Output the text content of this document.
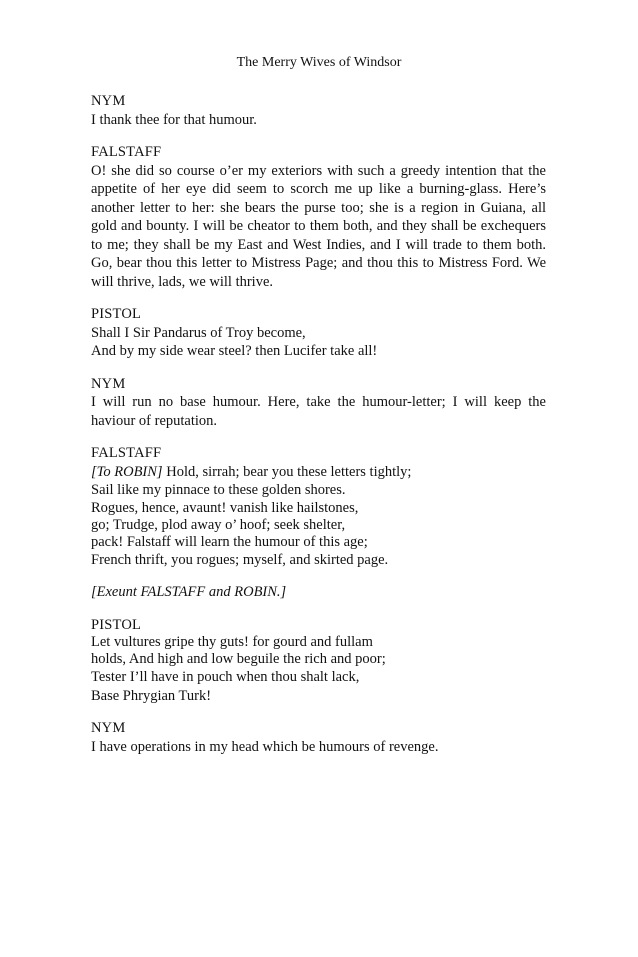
The Merry Wives of Windsor
NYM
I thank thee for that humour.
FALSTAFF
O! she did so course o’er my exteriors with such a greedy intention that the appetite of her eye did seem to scorch me up like a burning-glass. Here’s another letter to her: she bears the purse too; she is a region in Guiana, all gold and bounty. I will be cheator to them both, and they shall be exchequers to me; they shall be my East and West Indies, and I will trade to them both. Go, bear thou this letter to Mistress Page; and thou this to Mistress Ford. We will thrive, lads, we will thrive.
PISTOL
Shall I Sir Pandarus of Troy become,
And by my side wear steel? then Lucifer take all!
NYM
I will run no base humour. Here, take the humour-letter; I will keep the haviour of reputation.
FALSTAFF
[To ROBIN] Hold, sirrah; bear you these letters tightly;
Sail like my pinnace to these golden shores.
Rogues, hence, avaunt! vanish like hailstones,
go; Trudge, plod away o’ hoof; seek shelter,
pack! Falstaff will learn the humour of this age;
French thrift, you rogues; myself, and skirted page.
[Exeunt FALSTAFF and ROBIN.]
PISTOL
Let vultures gripe thy guts! for gourd and fullam
holds, And high and low beguile the rich and poor;
Tester I’ll have in pouch when thou shalt lack,
Base Phrygian Turk!
NYM
I have operations in my head which be humours of revenge.
